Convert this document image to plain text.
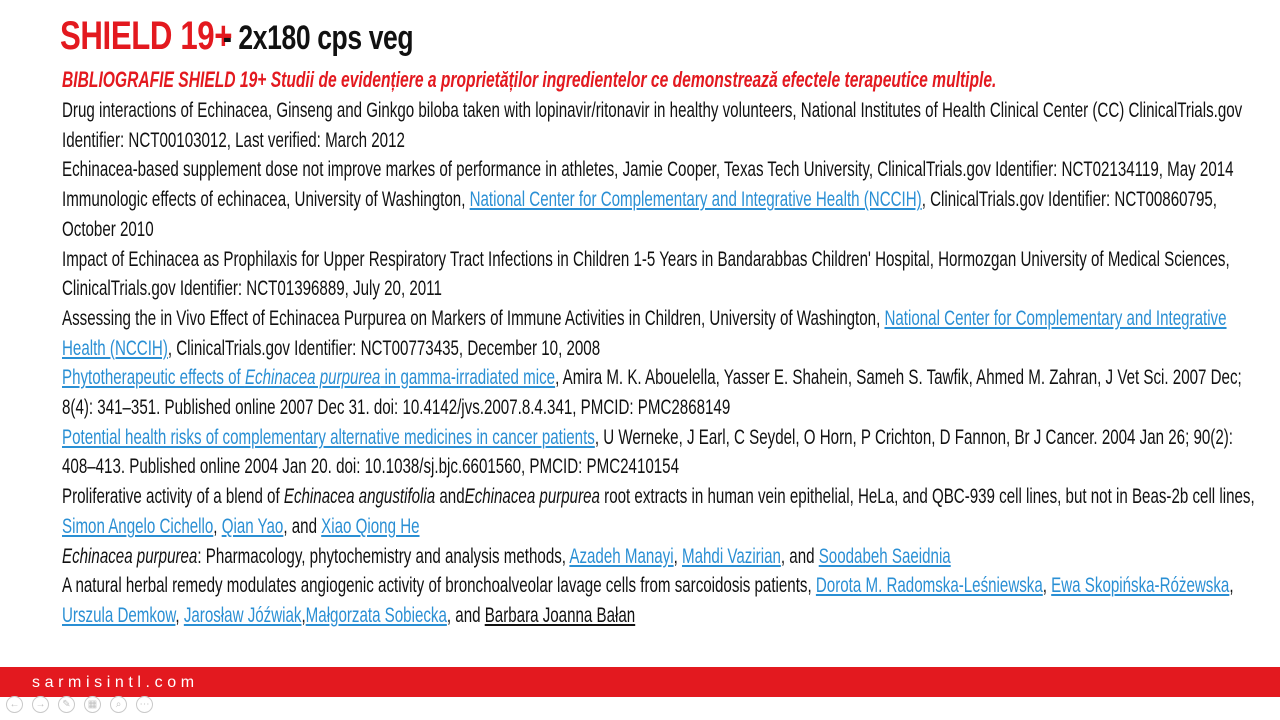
SHIELD 19+- 2x180 cps veg
BIBLIOGRAFIE SHIELD 19+ Studii de evidențiere a proprietăților ingredientelor ce demonstrează efectele terapeutice multiple.
Drug interactions of Echinacea, Ginseng and Ginkgo biloba taken with lopinavir/ritonavir in healthy volunteers, National Institutes of Health Clinical Center (CC) ClinicalTrials.gov Identifier: NCT00103012, Last verified: March 2012
Echinacea-based supplement dose not improve markes of performance in athletes, Jamie Cooper, Texas Tech University, ClinicalTrials.gov Identifier: NCT02134119, May 2014
Immunologic effects of echinacea, University of Washington, National Center for Complementary and Integrative Health (NCCIH), ClinicalTrials.gov Identifier: NCT00860795, October 2010
Impact of Echinacea as Prophilaxis for Upper Respiratory Tract Infections in Children 1-5 Years in Bandarabbas Children' Hospital, Hormozgan University of Medical Sciences, ClinicalTrials.gov Identifier: NCT01396889, July 20, 2011
Assessing the in Vivo Effect of Echinacea Purpurea on Markers of Immune Activities in Children, University of Washington, National Center for Complementary and Integrative Health (NCCIH), ClinicalTrials.gov Identifier: NCT00773435, December 10, 2008
Phytotherapeutic effects of Echinacea purpurea in gamma-irradiated mice, Amira M. K. Abouelella, Yasser E. Shahein, Sameh S. Tawfik, Ahmed M. Zahran, J Vet Sci. 2007 Dec; 8(4): 341–351. Published online 2007 Dec 31. doi: 10.4142/jvs.2007.8.4.341, PMCID: PMC2868149
Potential health risks of complementary alternative medicines in cancer patients, U Werneke, J Earl, C Seydel, O Horn, P Crichton, D Fannon, Br J Cancer. 2004 Jan 26; 90(2): 408–413. Published online 2004 Jan 20. doi: 10.1038/sj.bjc.6601560, PMCID: PMC2410154
Proliferative activity of a blend of Echinacea angustifolia andEchinacea purpurea root extracts in human vein epithelial, HeLa, and QBC-939 cell lines, but not in Beas-2b cell lines, Simon Angelo Cichello, Qian Yao, and Xiao Qiong He
Echinacea purpurea: Pharmacology, phytochemistry and analysis methods, Azadeh Manayi, Mahdi Vazirian, and Soodabeh Saeidnia
A natural herbal remedy modulates angiogenic activity of bronchoalveolar lavage cells from sarcoidosis patients, Dorota M. Radomska-Leśniewska, Ewa Skopińska-Różewska, Urszula Demkow, Jarosław Jóźwiak,Małgorzata Sobiecka, and Barbara Joanna Bałan
sarmisintl.com
←	→	✎	▦	⌕	⋯
